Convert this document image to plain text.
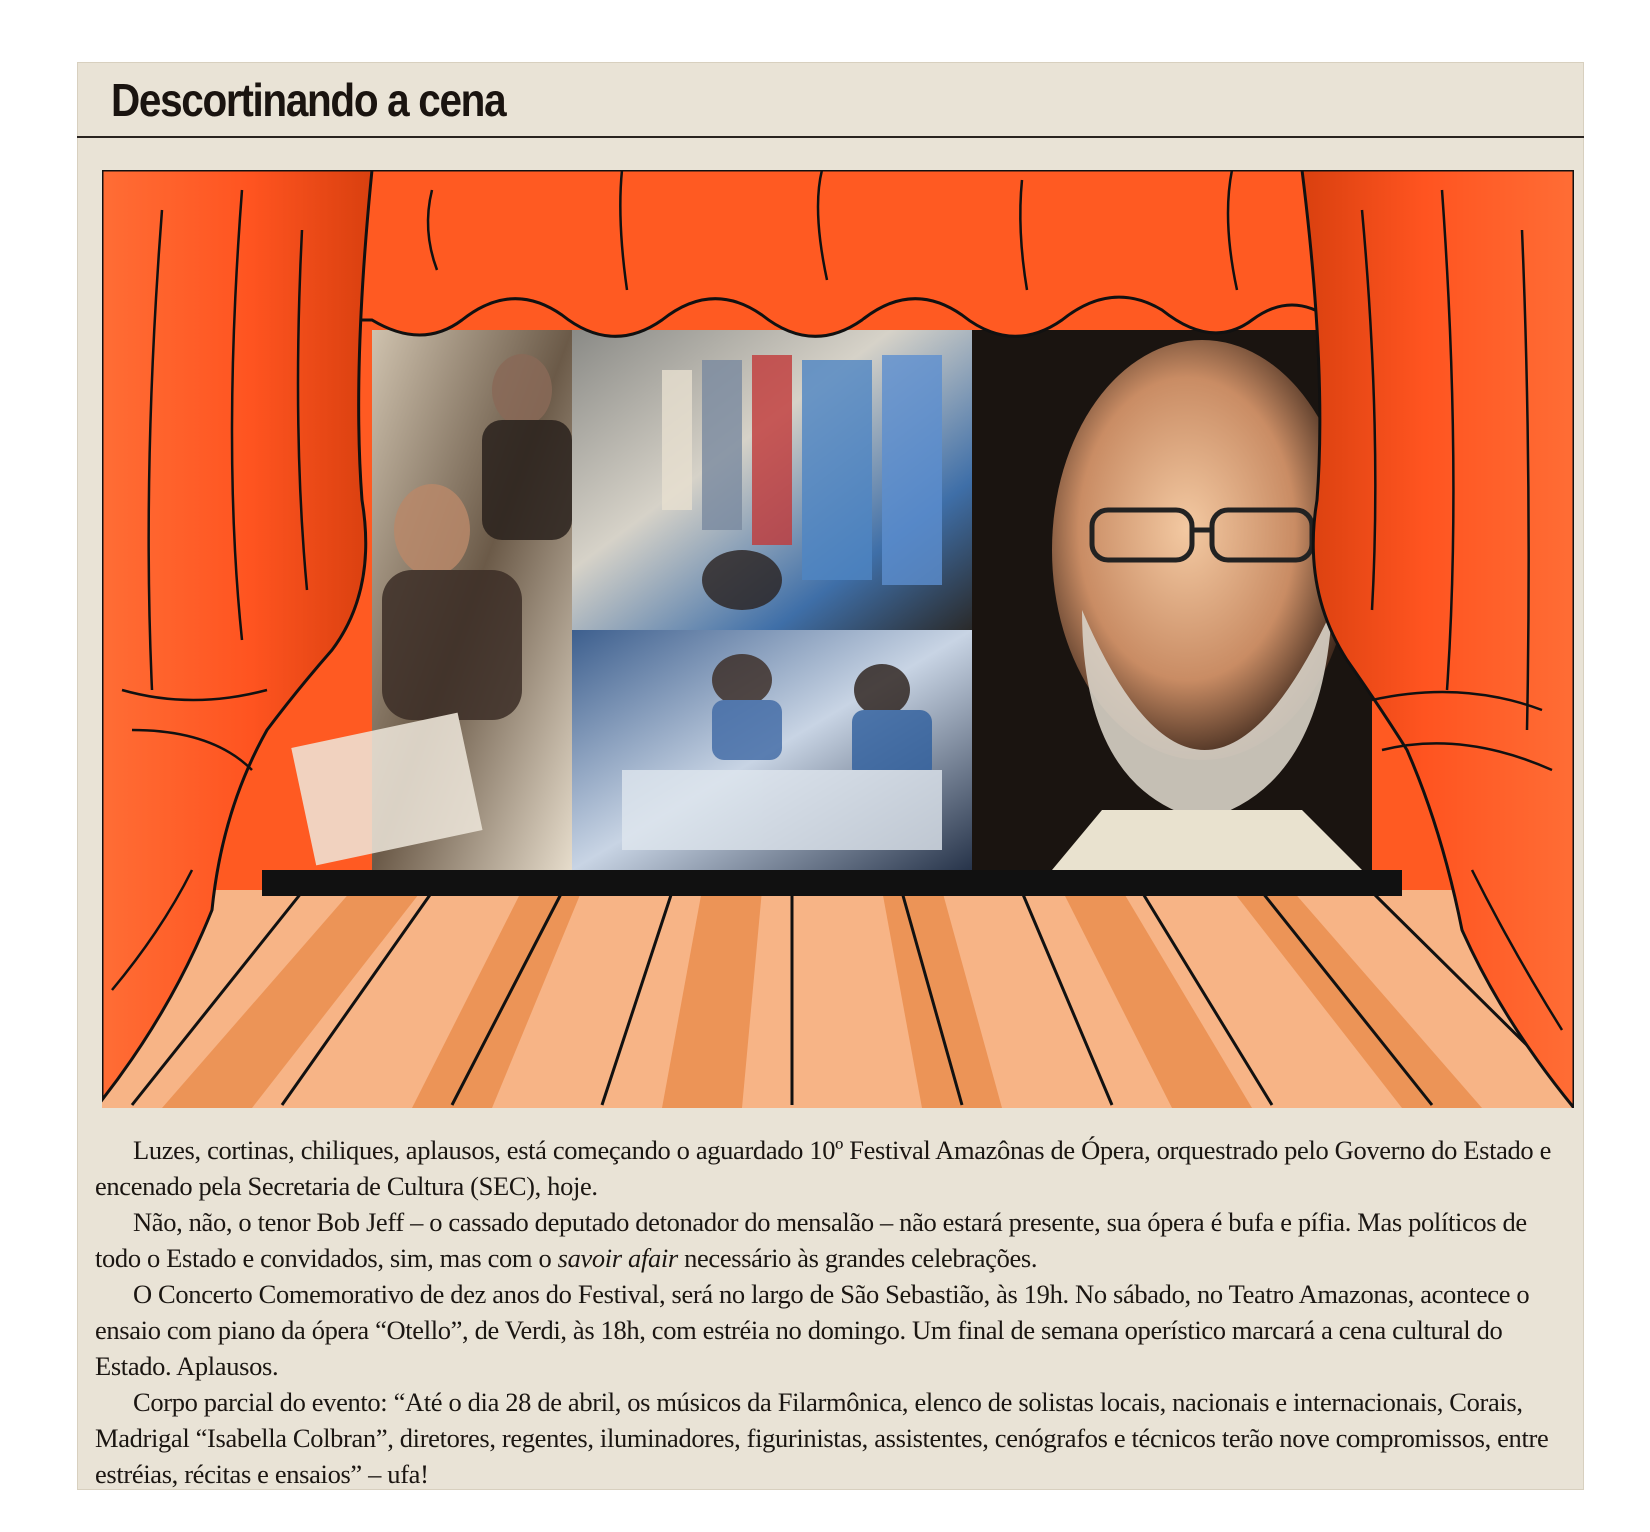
Descortinando a cena

Luzes, cortinas, chiliques, aplausos, está começando o aguardado 10º Festival Amazônas de Ópera, orquestrado pelo Governo do Estado e encenado pela Secretaria de Cultura (SEC), hoje.

Não, não, o tenor Bob Jeff – o cassado deputado detonador do mensalão – não estará presente, sua ópera é bufa e pífia. Mas políticos de todo o Estado e convidados, sim, mas com o savoir afair necessário às grandes celebrações.

O Concerto Comemorativo de dez anos do Festival, será no largo de São Sebastião, às 19h. No sábado, no Teatro Amazonas, acontece o ensaio com piano da ópera “Otello”, de Verdi, às 18h, com estréia no domingo. Um final de semana operístico marcará a cena cultural do Estado. Aplausos.

Corpo parcial do evento: “Até o dia 28 de abril, os músicos da Filarmônica, elenco de solistas locais, nacionais e internacionais, Corais, Madrigal “Isabella Colbran”, diretores, regentes, iluminadores, figurinistas, assistentes, cenógrafos e técnicos terão nove compromissos, entre estréias, récitas e ensaios” – ufa!
